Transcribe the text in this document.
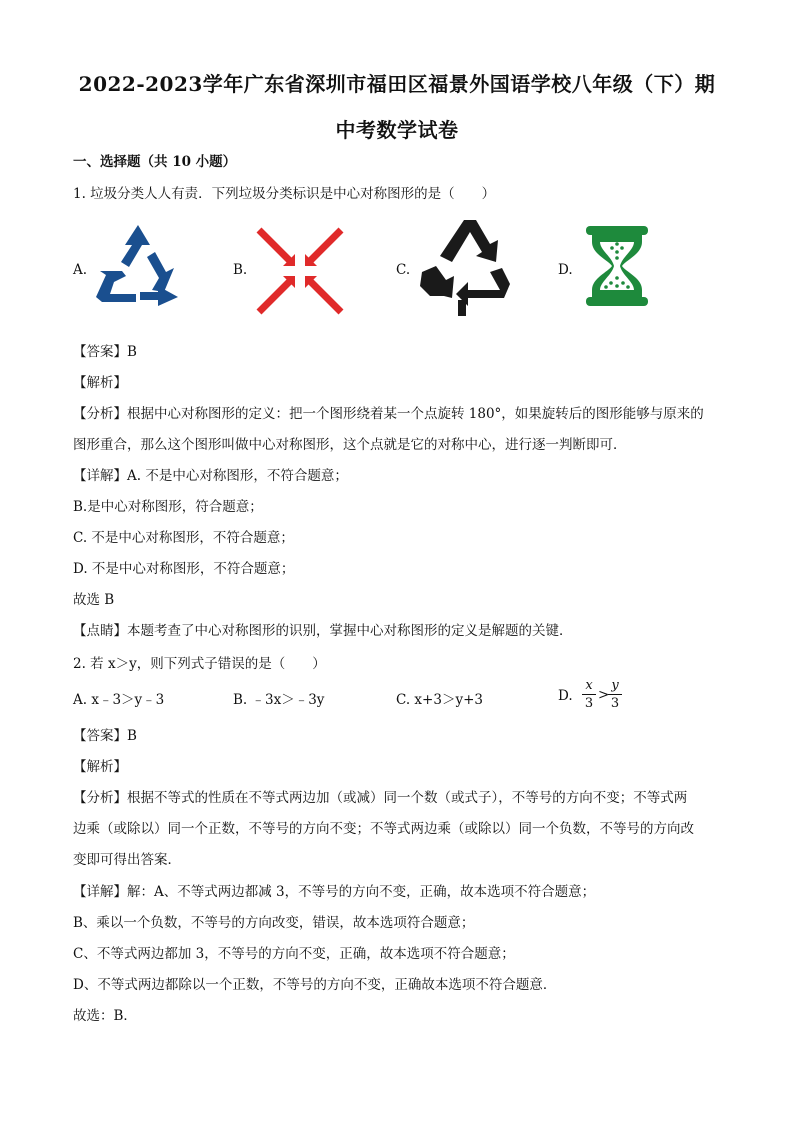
2022-2023学年广东省深圳市福田区福景外国语学校八年级（下）期
中考数学试卷
一、选择题（共 10 小题）
1. 垃圾分类人人有责．下列垃圾分类标识是中心对称图形的是（　　）
A.	B.	C.	D.
【答案】B
【解析】
【分析】根据中心对称图形的定义：把一个图形绕着某一个点旋转 180°，如果旋转后的图形能够与原来的
图形重合，那么这个图形叫做中心对称图形，这个点就是它的对称中心，进行逐一判断即可．
【详解】A. 不是中心对称图形，不符合题意；
B.是中心对称图形，符合题意；
C. 不是中心对称图形，不符合题意；
D. 不是中心对称图形，不符合题意；
故选 B
【点睛】本题考查了中心对称图形的识别，掌握中心对称图形的定义是解题的关键．
2. 若 x＞y，则下列式子错误的是（　　）
A. x﹣3＞y﹣3	B. ﹣3x＞﹣3y	C. x+3＞y+3	D.
x
3
>
y
3
【答案】B
【解析】
【分析】根据不等式的性质在不等式两边加（或减）同一个数（或式子），不等号的方向不变；不等式两
边乘（或除以）同一个正数，不等号的方向不变；不等式两边乘（或除以）同一个负数，不等号的方向改
变即可得出答案．
【详解】解：A、不等式两边都减 3，不等号的方向不变，正确，故本选项不符合题意；
B、乘以一个负数，不等号的方向改变，错误，故本选项符合题意；
C、不等式两边都加 3，不等号的方向不变，正确，故本选项不符合题意；
D、不等式两边都除以一个正数，不等号的方向不变，正确故本选项不符合题意．
故选：B．
